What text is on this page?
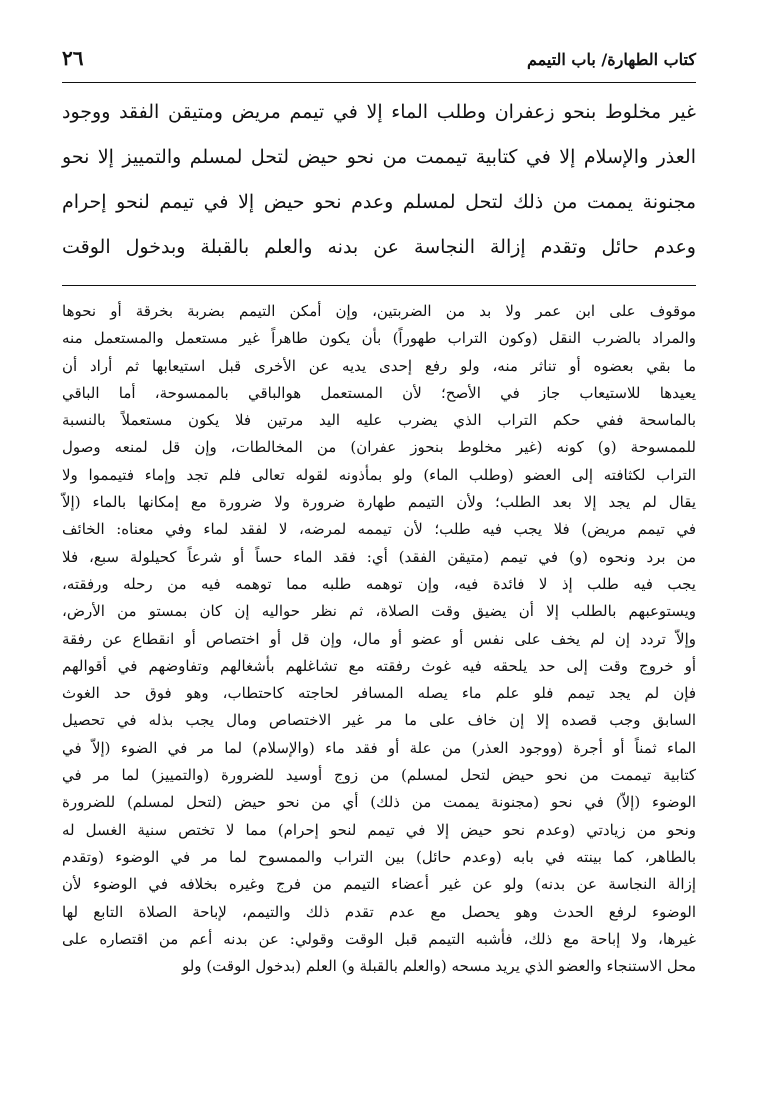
كتاب الطهارة/ باب التيمم
٢٦
غير مخلوط بنحو زعفران وطلب الماء إلا في تيمم مريض ومتيقن الفقد ووجود
العذر والإسلام إلا في كتابية تيممت من نحو حيض لتحل لمسلم والتمييز إلا نحو
مجنونة يممت من ذلك لتحل لمسلم وعدم نحو حيض إلا في تيمم لنحو إحرام
وعدم حائل وتقدم إزالة النجاسة عن بدنه والعلم بالقبلة وبدخول الوقت
موقوف على ابن عمر ولا بد من الضربتين، وإن أمكن التيمم بضربة بخرقة أو نحوها
والمراد بالضرب النقل (وكون التراب طهوراً) بأن يكون طاهراً غير مستعمل والمستعمل منه
ما بقي بعضوه أو تناثر منه، ولو رفع إحدى يديه عن الأخرى قبل استيعابها ثم أراد أن
يعيدها للاستيعاب جاز في الأصح؛ لأن المستعمل هوالباقي بالممسوحة، أما الباقي
بالماسحة ففي حكم التراب الذي يضرب عليه اليد مرتين فلا يكون مستعملاً بالنسبة
للممسوحة (و) كونه (غير مخلوط بنحوز عفران) من المخالطات، وإن قل لمنعه وصول
التراب لكثافته إلى العضو (وطلب الماء) ولو بمأذونه لقوله تعالى فلم تجد وإماء فتيمموا ولا
يقال لم يجد إلا بعد الطلب؛ ولأن التيمم طهارة ضرورة ولا ضرورة مع إمكانها بالماء (إلاّ
في تيمم مريض) فلا يجب فيه طلب؛ لأن تيممه لمرضه، لا لفقد لماء وفي معناه: الخائف
من برد ونحوه (و) في تيمم (متيقن الفقد) أي: فقد الماء حساً أو شرعاً كحيلولة سبع، فلا
يجب فيه طلب إذ لا فائدة فيه، وإن توهمه طلبه مما توهمه فيه من رحله ورفقته،
ويستوعبهم بالطلب إلا أن يضيق وقت الصلاة، ثم نظر حواليه إن كان بمستو من الأرض،
وإلاّ تردد إن لم يخف على نفس أو عضو أو مال، وإن قل أو اختصاص أو انقطاع عن رفقة
أو خروج وقت إلى حد يلحقه فيه غوث رفقته مع تشاغلهم بأشغالهم وتفاوضهم في أقوالهم
فإن لم يجد تيمم فلو علم ماء يصله المسافر لحاجته كاحتطاب، وهو فوق حد الغوث
السابق وجب قصده إلا إن خاف على ما مر غير الاختصاص ومال يجب بذله في تحصيل
الماء ثمناً أو أجرة (ووجود العذر) من علة أو فقد ماء (والإسلام) لما مر في الضوء (إلاّ في
كتابية تيممت من نحو حيض لتحل لمسلم) من زوج أوسيد للضرورة (والتمييز) لما مر في
الوضوء (إلاّ) في نحو (مجنونة يممت من ذلك) أي من نحو حيض (لتحل لمسلم) للضرورة
ونحو من زيادتي (وعدم نحو حيض إلا في تيمم لنحو إحرام) مما لا تختص سنية الغسل له
بالطاهر، كما بينته في بابه (وعدم حائل) بين التراب والممسوح لما مر في الوضوء (وتقدم
إزالة النجاسة عن بدنه) ولو عن غير أعضاء التيمم من فرج وغيره بخلافه في الوضوء لأن
الوضوء لرفع الحدث وهو يحصل مع عدم تقدم ذلك والتيمم، لإباحة الصلاة التابع لها
غيرها، ولا إباحة مع ذلك، فأشبه التيمم قبل الوقت وقولي: عن بدنه أعم من اقتصاره على
محل الاستنجاء والعضو الذي يريد مسحه (والعلم بالقبلة و) العلم (بدخول الوقت) ولو
